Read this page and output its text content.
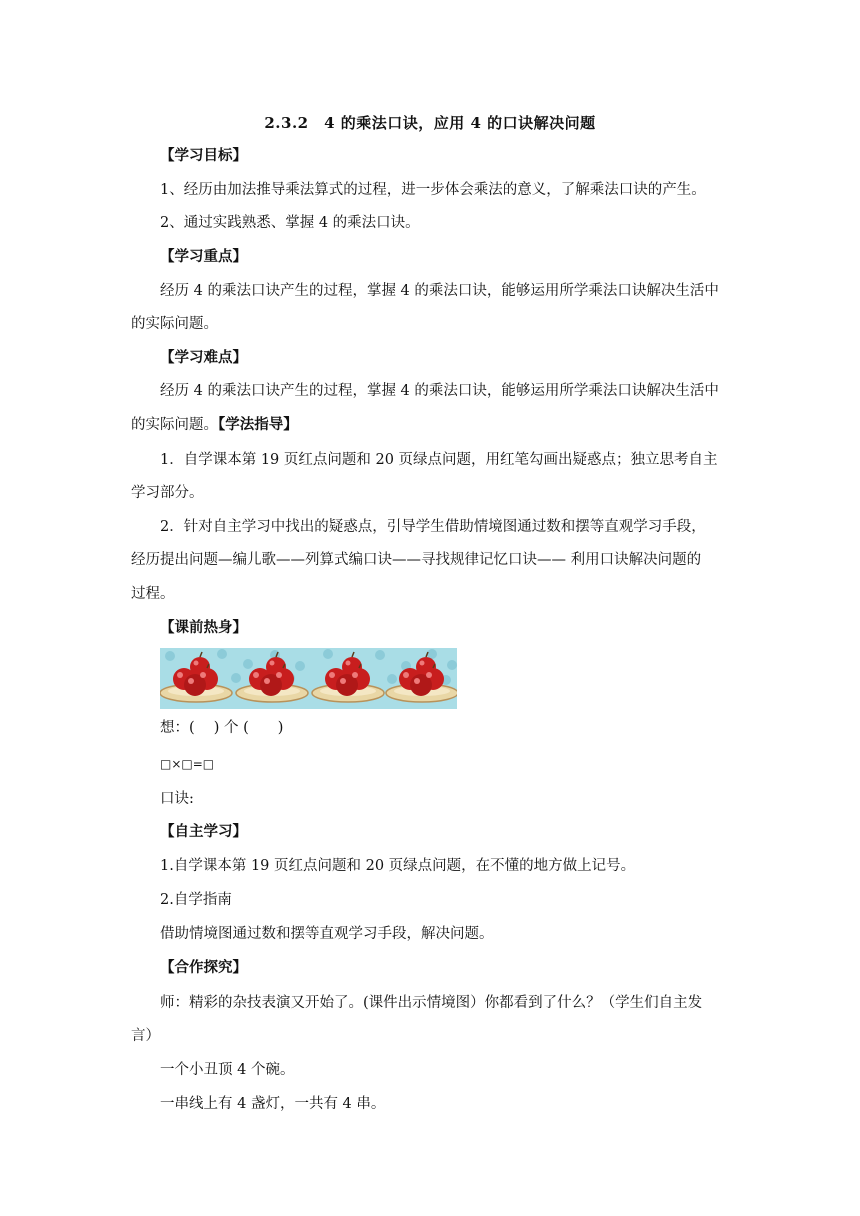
2.3.2　4 的乘法口诀，应用 4 的口诀解决问题
【学习目标】
1、经历由加法推导乘法算式的过程，进一步体会乘法的意义，了解乘法口诀的产生。
2、通过实践熟悉、掌握 4 的乘法口诀。
【学习重点】
经历 4 的乘法口诀产生的过程，掌握 4 的乘法口诀，能够运用所学乘法口诀解决生活中
的实际问题。
【学习难点】
经历 4 的乘法口诀产生的过程，掌握 4 的乘法口诀，能够运用所学乘法口诀解决生活中
的实际问题。【学法指导】
1．自学课本第 19 页红点问题和 20 页绿点问题，用红笔勾画出疑惑点；独立思考自主
学习部分。
2．针对自主学习中找出的疑惑点，引导学生借助情境图通过数和摆等直观学习手段，
经历提出问题—编儿歌——列算式编口诀——寻找规律记忆口诀—— 利用口诀解决问题的
过程。
【课前热身】
想：(　 ) 个 (　　)
□×□=□
口诀:
【自主学习】
1.自学课本第 19 页红点问题和 20 页绿点问题，在不懂的地方做上记号。
2.自学指南
借助情境图通过数和摆等直观学习手段，解决问题。
【合作探究】
师：精彩的杂技表演又开始了。(课件出示情境图）你都看到了什么？（学生们自主发
言）
一个小丑顶 4 个碗。
一串线上有 4 盏灯，一共有 4 串。
